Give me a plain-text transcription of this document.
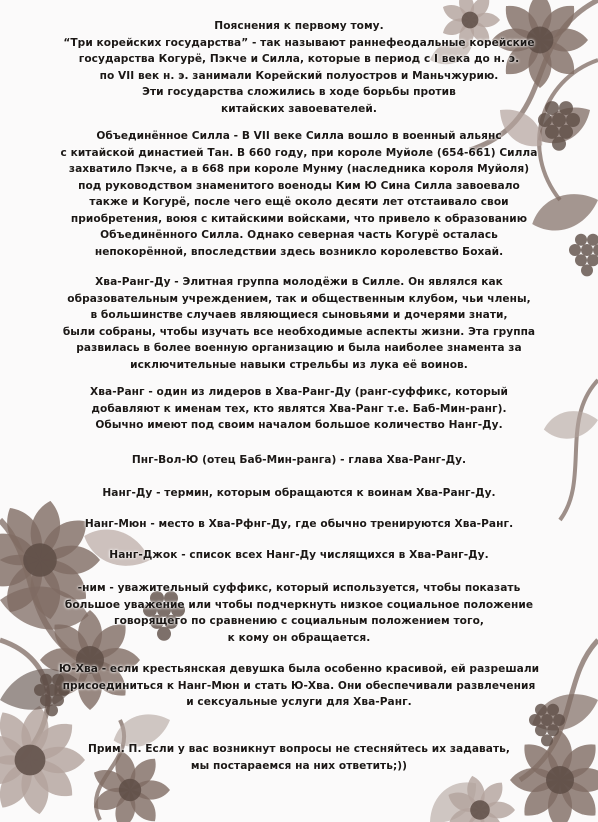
Пояснения к первому тому.
“Три корейских государства” - так называют раннефеодальные корейские
государства Когурё, Пэкче и Силла, которые в период с I века до н. э.
по VII век н. э. занимали Корейский полуостров и Маньчжурию.
Эти государства сложились в ходе борьбы против
китайских завоевателей.
Объединённое Силла - В VII веке Силла вошло в военный альянс
с китайской династией Тан. В 660 году, при короле Муйоле (654-661) Силла
захватило Пэкче, а в 668 при короле Мунму (наследника короля Муйоля)
под руководством знаменитого военоды Ким Ю Сина Силла завоевало
также и Когурё, после чего ещё около десяти лет отстаивало свои
приобретения, воюя с китайскими войсками, что привело к образованию
Объединённого Силла. Однако северная часть Когурё осталась
непокорённой, впоследствии здесь возникло королевство Бохай.
Хва-Ранг-Ду - Элитная группа молодёжи в Силле. Он являлся как
образовательным учреждением, так и общественным клубом, чьи члены,
в большинстве случаев являющиеся сыновьями и дочерями знати,
были собраны, чтобы изучать все необходимые аспекты жизни. Эта группа
развилась в более военную организацию и была наиболее знамента за
исключительные навыки стрельбы из лука её воинов.
Хва-Ранг - один из лидеров в Хва-Ранг-Ду (ранг-суффикс, который
добавляют к именам тех, кто являтся Хва-Ранг т.е. Баб-Мин-ранг).
Обычно имеют под своим началом большое количество Нанг-Ду.
Пнг-Вол-Ю (отец Баб-Мин-ранга) - глава Хва-Ранг-Ду.
Нанг-Ду - термин, которым обращаются к воинам Хва-Ранг-Ду.
Нанг-Мюн - место в Хва-Рфнг-Ду, где обычно тренируются Хва-Ранг.
Нанг-Джок - список всех Нанг-Ду числящихся в Хва-Ранг-Ду.
-ним - уважительный суффикс, который используется, чтобы показать
большое уважение или чтобы подчеркнуть низкое социальное положение
говорящего по сравнению с социальным положением того,
к кому он обращается.
Ю-Хва - если крестьянская девушка была особенно красивой, ей разрешали
присоединиться к Нанг-Мюн и стать Ю-Хва. Они обеспечивали развлечения
и сексуальные услуги для Хва-Ранг.
Прим. П. Если у вас возникнут вопросы не стесняйтесь их задавать,
мы постараемся на них ответить;))
